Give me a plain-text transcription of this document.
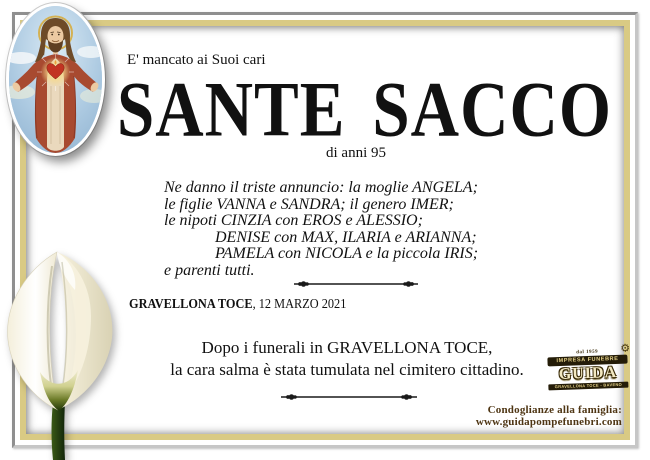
E' mancato ai Suoi cari
SANTE SACCO
di anni 95
Ne danno il triste annuncio: la moglie ANGELA;
le figlie VANNA e SANDRA; il genero IMER;
le nipoti CINZIA con EROS e ALESSIO;
DENISE con MAX, ILARIA e ARIANNA;
PAMELA con NICOLA e la piccola IRIS;
e parenti tutti.
GRAVELLONA TOCE, 12 MARZO 2021
Dopo i funerali in GRAVELLONA TOCE,
la cara salma è stata tumulata nel cimitero cittadino.
⚙
dal 1959
IMPRESA FUNEBRE
GUIDA
GRAVELLONA TOCE - BAVENO
Condoglianze alla famiglia:
www.guidapompefunebri.com
